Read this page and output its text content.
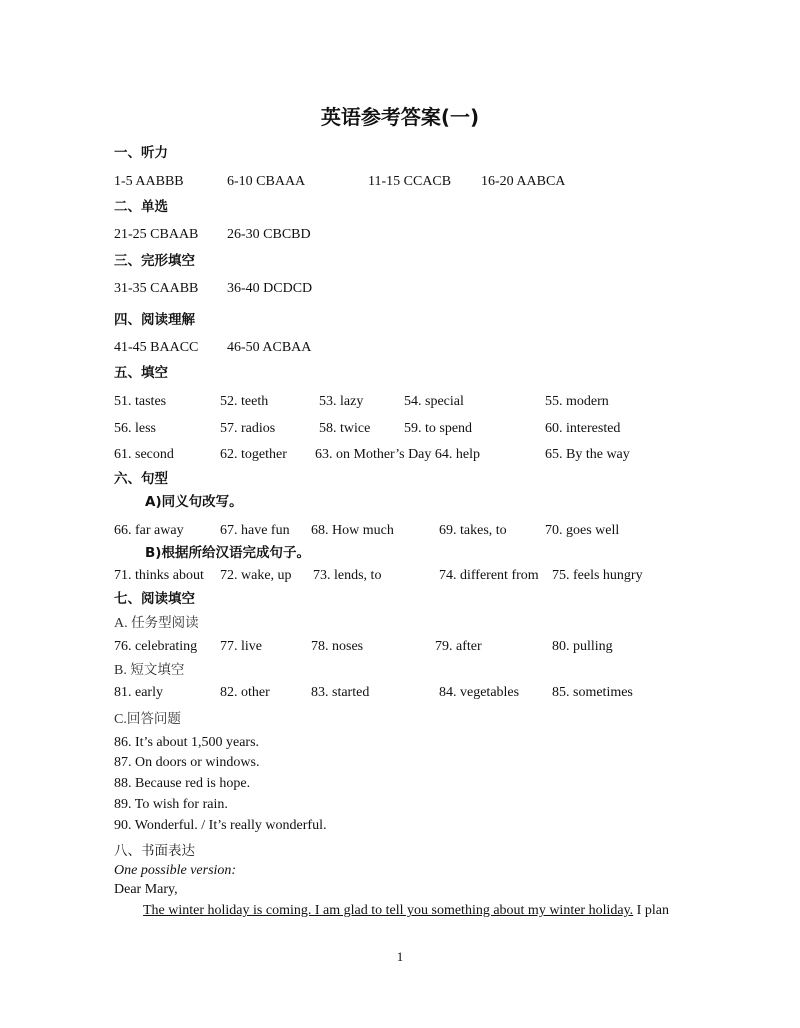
英语参考答案(一)
一、听力
1-5 AABBB	6-10 CBAAA	11-15 CCACB 16-20 AABCA
二、单选
21-25 CBAAB 26-30 CBCBD
三、完形填空
31-35 CAABB 36-40 DCDCD
四、阅读理解
41-45 BAACC 46-50 ACBAA
五、填空
51. tastes	52. teeth	53. lazy	54. special	55. modern
56. less	57. radios	58. twice 59. to spend	60. interested
61. second	62. together 63. on Mother’s Day 64. help	65. By the way
六、句型
A)同义句改写。
66. far away	67. have fun 68. How much	69. takes, to	70. goes well
B)根据所给汉语完成句子。
71. thinks about 72. wake, up 73. lends, to	74. different from 75. feels hungry
七、阅读填空
A. 任务型阅读
76. celebrating 77. live	78. noses	79. after	80. pulling
B. 短文填空
81. early	82. other	83. started	84. vegetables 85. sometimes
C.回答问题
86. It’s about 1,500 years.
87. On doors or windows.
88. Because red is hope.
89. To wish for rain.
90. Wonderful. / It’s really wonderful.
八、书面表达
One possible version:
Dear Mary,
The winter holiday is coming. I am glad to tell you something about my winter holiday. I plan
1
